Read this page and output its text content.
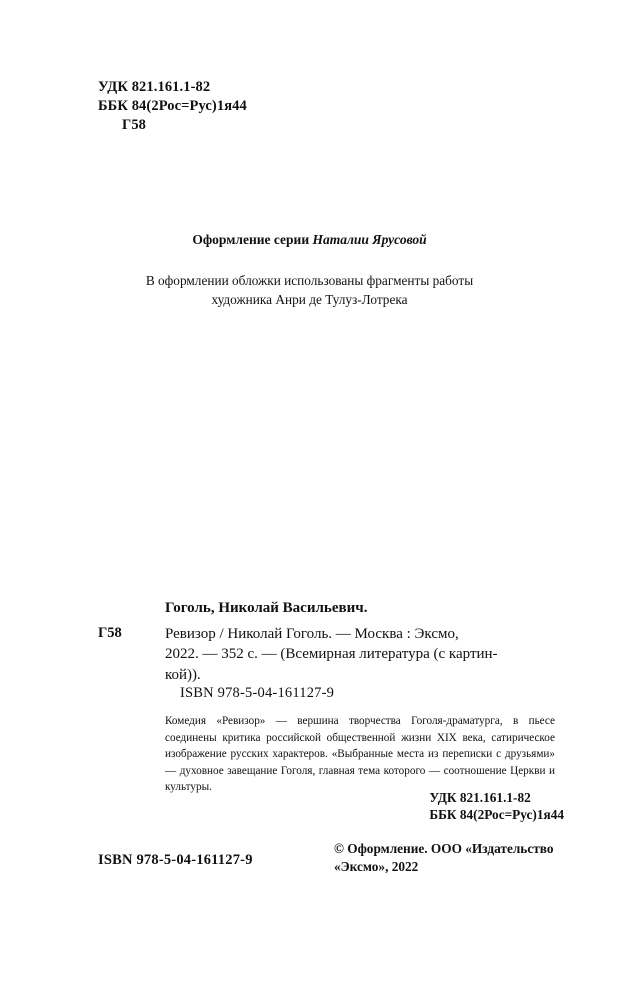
УДК 821.161.1-82
ББК 84(2Рос=Рус)1я44
Г58
Оформление серии Наталии Ярусовой
В оформлении обложки использованы фрагменты работы
художника Анри де Тулуз-Лотрека
Гоголь, Николай Васильевич.
Г58	Ревизор / Николай Гоголь. — Москва : Эксмо,
2022. — 352 с. — (Всемирная литература (с картин-
кой)).
ISBN 978-5-04-161127-9
Комедия «Ревизор» — вершина творчества Гоголя-драматурга, в пьесе соединены критика российской общественной жизни XIX века, сатирическое изображение русских характеров. «Выбранные места из переписки с друзьями» — духовное завещание Гоголя, главная тема которого — соотношение Церкви и культуры.
УДК 821.161.1-82
ББК 84(2Рос=Рус)1я44
© Оформление. ООО «Издательство
«Эксмо», 2022
ISBN 978-5-04-161127-9
